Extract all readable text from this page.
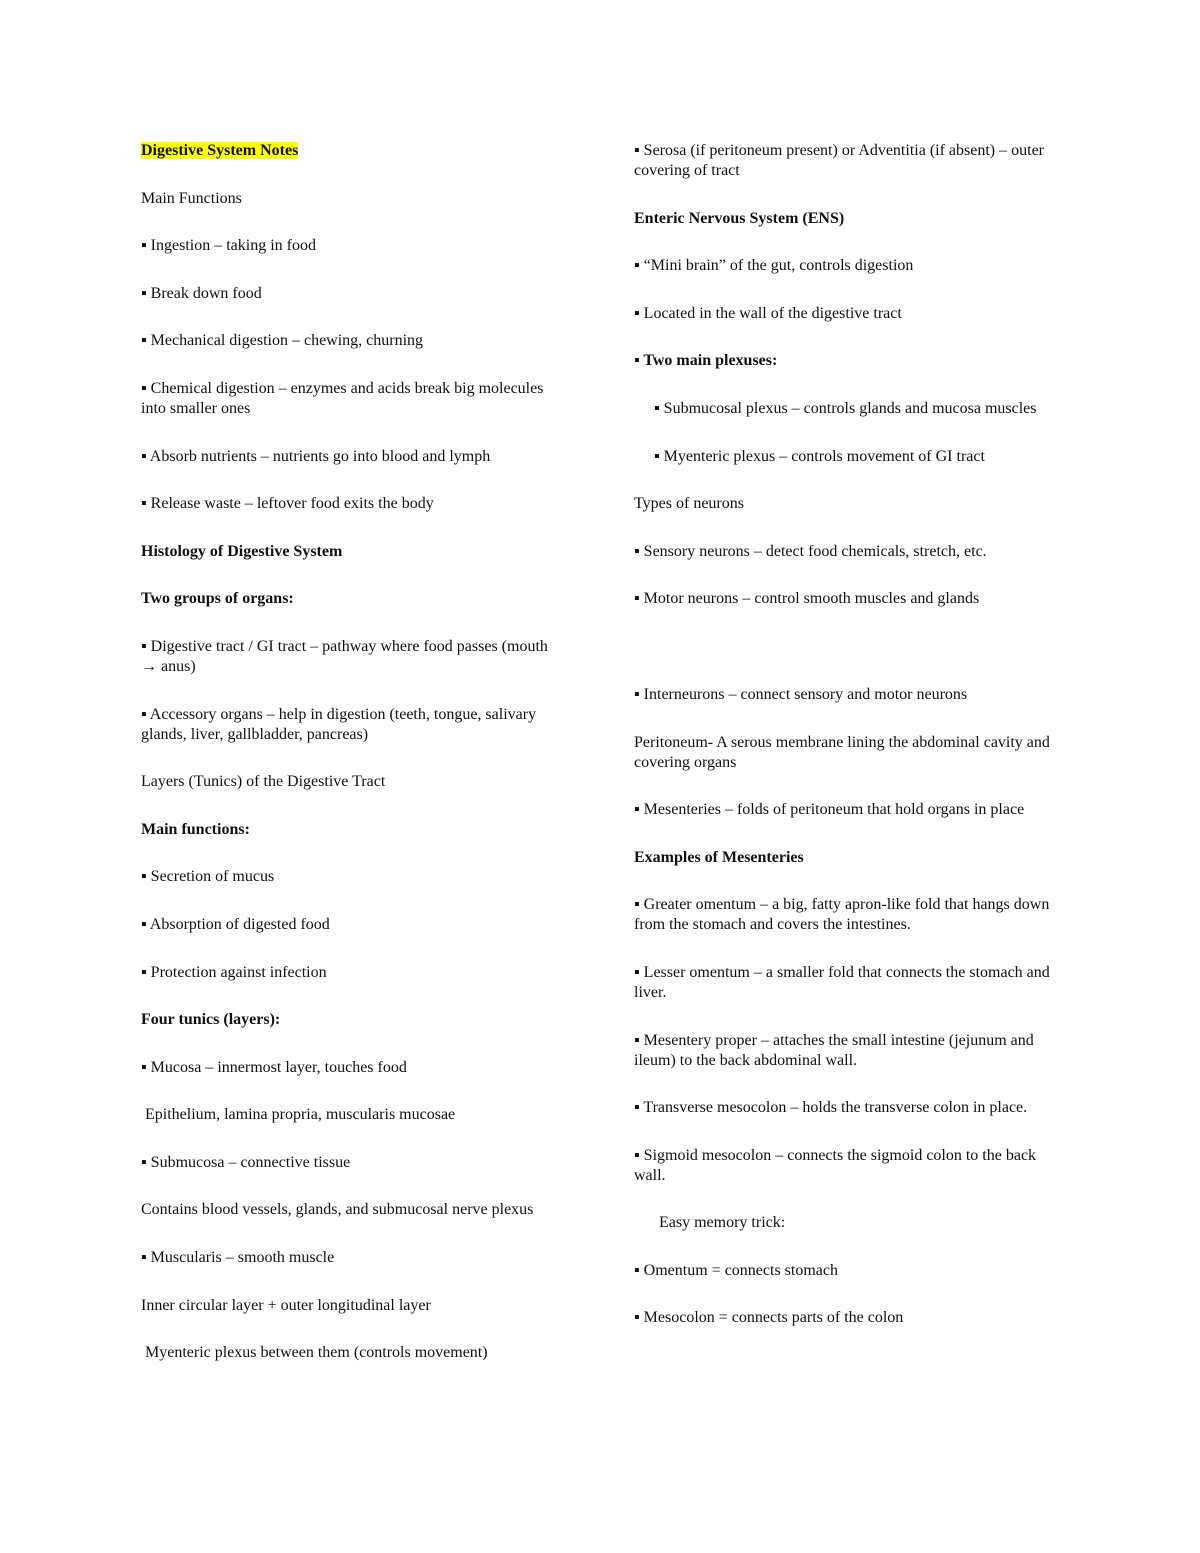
Digestive System Notes

Main Functions

▪ Ingestion – taking in food

▪ Break down food

▪ Mechanical digestion – chewing, churning

▪ Chemical digestion – enzymes and acids break big molecules into smaller ones

▪ Absorb nutrients – nutrients go into blood and lymph

▪ Release waste – leftover food exits the body

Histology of Digestive System

Two groups of organs:

▪ Digestive tract / GI tract – pathway where food passes (mouth → anus)

▪ Accessory organs – help in digestion (teeth, tongue, salivary glands, liver, gallbladder, pancreas)

Layers (Tunics) of the Digestive Tract

Main functions:

▪ Secretion of mucus

▪ Absorption of digested food

▪ Protection against infection

Four tunics (layers):

▪ Mucosa – innermost layer, touches food

Epithelium, lamina propria, muscularis mucosae

▪ Submucosa – connective tissue

Contains blood vessels, glands, and submucosal nerve plexus

▪ Muscularis – smooth muscle

Inner circular layer + outer longitudinal layer

Myenteric plexus between them (controls movement)

▪ Serosa (if peritoneum present) or Adventitia (if absent) – outer covering of tract

Enteric Nervous System (ENS)

▪ “Mini brain” of the gut, controls digestion

▪ Located in the wall of the digestive tract

▪ Two main plexuses:

▪ Submucosal plexus – controls glands and mucosa muscles

▪ Myenteric plexus – controls movement of GI tract

Types of neurons

▪ Sensory neurons – detect food chemicals, stretch, etc.

▪ Motor neurons – control smooth muscles and glands

▪ Interneurons – connect sensory and motor neurons

Peritoneum- A serous membrane lining the abdominal cavity and covering organs

▪ Mesenteries – folds of peritoneum that hold organs in place

Examples of Mesenteries

▪ Greater omentum – a big, fatty apron-like fold that hangs down from the stomach and covers the intestines.

▪ Lesser omentum – a smaller fold that connects the stomach and liver.

▪ Mesentery proper – attaches the small intestine (jejunum and ileum) to the back abdominal wall.

▪ Transverse mesocolon – holds the transverse colon in place.

▪ Sigmoid mesocolon – connects the sigmoid colon to the back wall.

Easy memory trick:

▪ Omentum = connects stomach

▪ Mesocolon = connects parts of the colon
